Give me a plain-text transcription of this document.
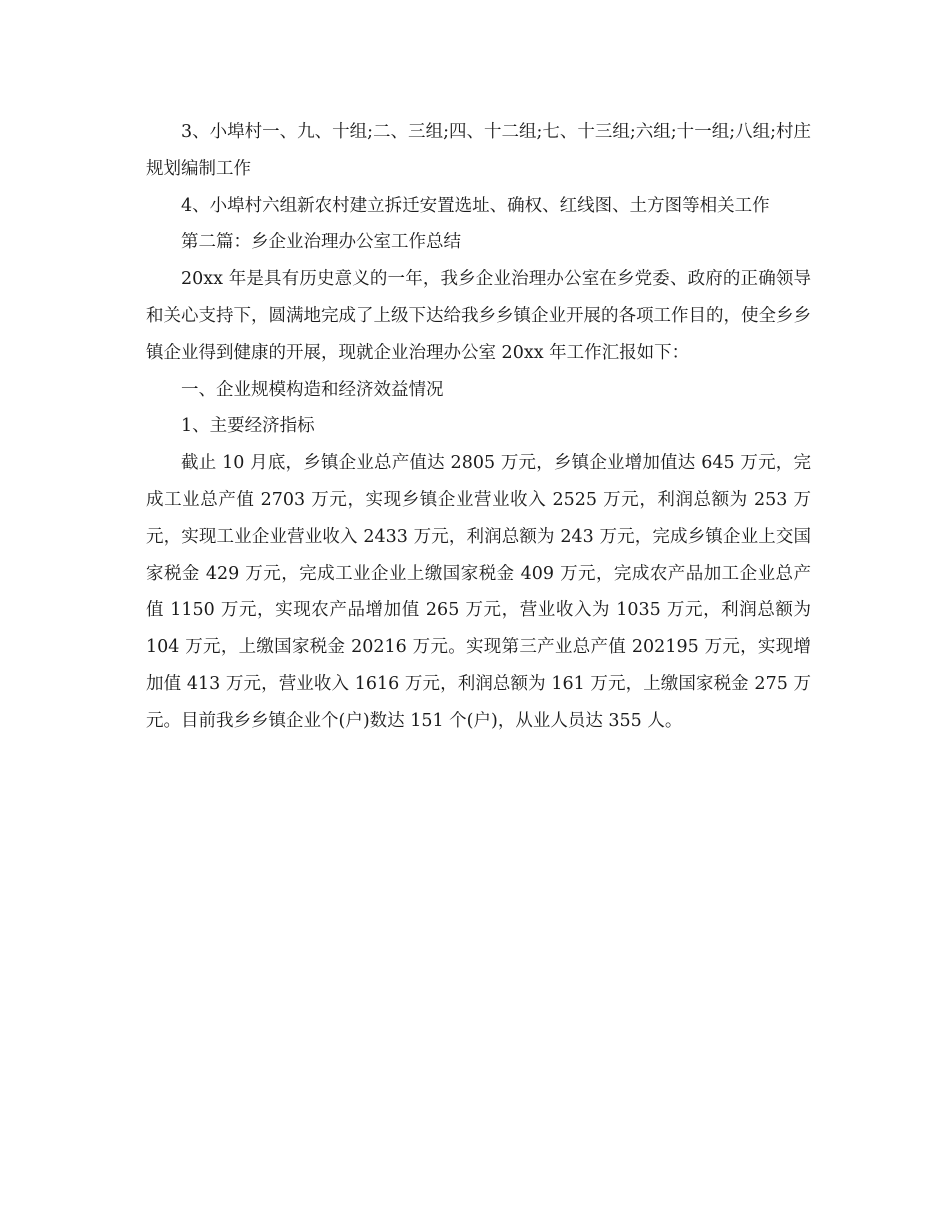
3、小埠村一、九、十组;二、三组;四、十二组;七、十三组;六组;十一组;八组;村庄规划编制工作

4、小埠村六组新农村建立拆迁安置选址、确权、红线图、土方图等相关工作

第二篇：乡企业治理办公室工作总结

20xx 年是具有历史意义的一年，我乡企业治理办公室在乡党委、政府的正确领导和关心支持下，圆满地完成了上级下达给我乡乡镇企业开展的各项工作目的，使全乡乡镇企业得到健康的开展，现就企业治理办公室 20xx 年工作汇报如下：

一、企业规模构造和经济效益情况

1、主要经济指标

截止 10 月底，乡镇企业总产值达 2805 万元，乡镇企业增加值达 645 万元，完成工业总产值 2703 万元，实现乡镇企业营业收入 2525 万元，利润总额为 253 万元，实现工业企业营业收入 2433 万元，利润总额为 243 万元，完成乡镇企业上交国家税金 429 万元，完成工业企业上缴国家税金 409 万元，完成农产品加工企业总产值 1150 万元，实现农产品增加值 265 万元，营业收入为 1035 万元，利润总额为 104 万元，上缴国家税金 20216 万元。实现第三产业总产值 202195 万元，实现增加值 413 万元，营业收入 1616 万元，利润总额为 161 万元，上缴国家税金 275 万元。目前我乡乡镇企业个(户)数达 151 个(户)，从业人员达 355 人。
